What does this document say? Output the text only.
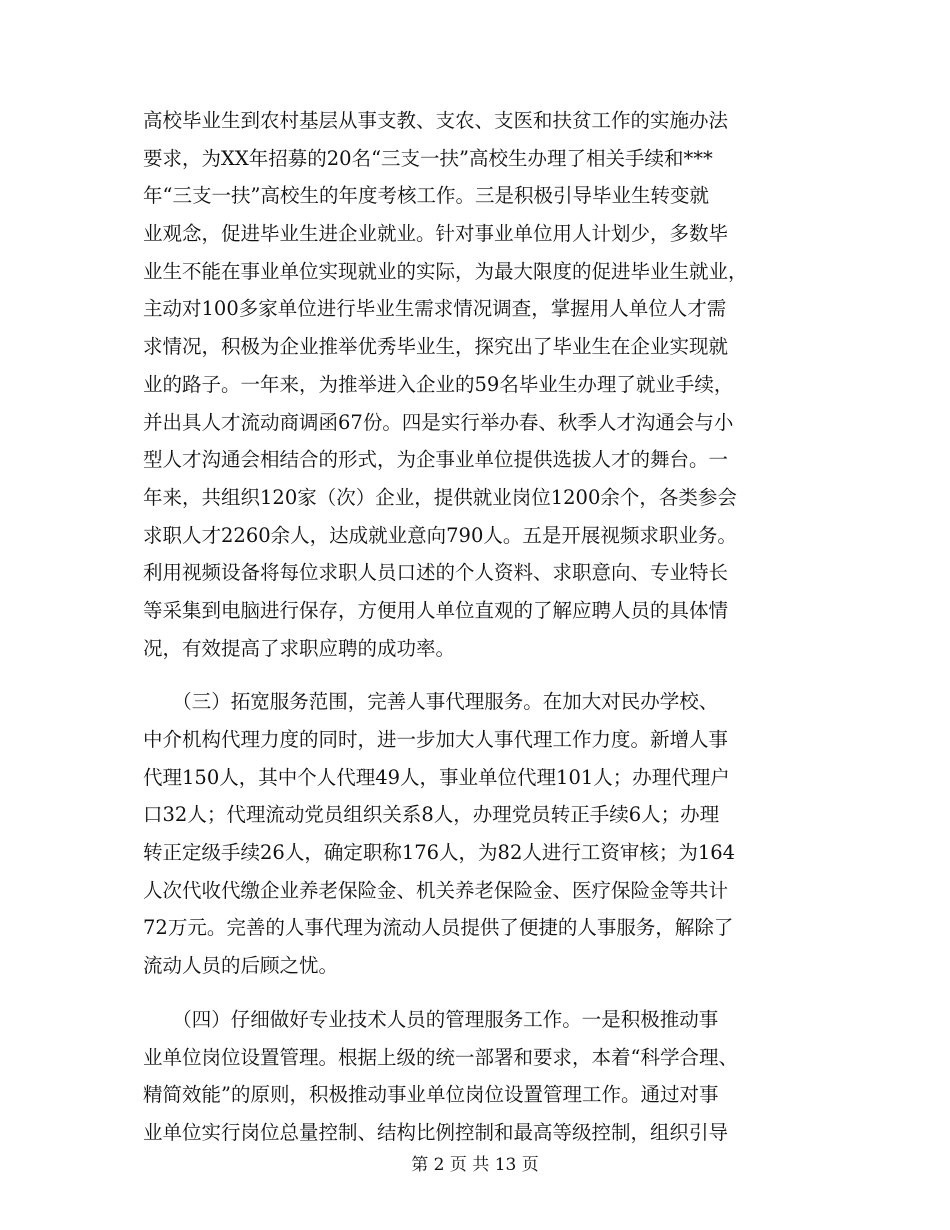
高校毕业生到农村基层从事支教、支农、支医和扶贫工作的实施办法
要求，为XX年招募的20名“三支一扶”高校生办理了相关手续和***
年“三支一扶”高校生的年度考核工作。三是积极引导毕业生转变就
业观念，促进毕业生进企业就业。针对事业单位用人计划少，多数毕
业生不能在事业单位实现就业的实际，为最大限度的促进毕业生就业，
主动对100多家单位进行毕业生需求情况调查，掌握用人单位人才需
求情况，积极为企业推举优秀毕业生，探究出了毕业生在企业实现就
业的路子。一年来，为推举进入企业的59名毕业生办理了就业手续，
并出具人才流动商调函67份。四是实行举办春、秋季人才沟通会与小
型人才沟通会相结合的形式，为企事业单位提供选拔人才的舞台。一
年来，共组织120家（次）企业，提供就业岗位1200余个，各类参会
求职人才2260余人，达成就业意向790人。五是开展视频求职业务。
利用视频设备将每位求职人员口述的个人资料、求职意向、专业特长
等采集到电脑进行保存，方便用人单位直观的了解应聘人员的具体情
况，有效提高了求职应聘的成功率。
　　（三）拓宽服务范围，完善人事代理服务。在加大对民办学校、
中介机构代理力度的同时，进一步加大人事代理工作力度。新增人事
代理150人，其中个人代理49人，事业单位代理101人；办理代理户
口32人；代理流动党员组织关系8人，办理党员转正手续6人；办理
转正定级手续26人，确定职称176人，为82人进行工资审核；为164
人次代收代缴企业养老保险金、机关养老保险金、医疗保险金等共计
72万元。完善的人事代理为流动人员提供了便捷的人事服务，解除了
流动人员的后顾之忧。
　　（四）仔细做好专业技术人员的管理服务工作。一是积极推动事
业单位岗位设置管理。根据上级的统一部署和要求，本着“科学合理、
精简效能”的原则，积极推动事业单位岗位设置管理工作。通过对事
业单位实行岗位总量控制、结构比例控制和最高等级控制，组织引导
第 2 页 共 13 页
